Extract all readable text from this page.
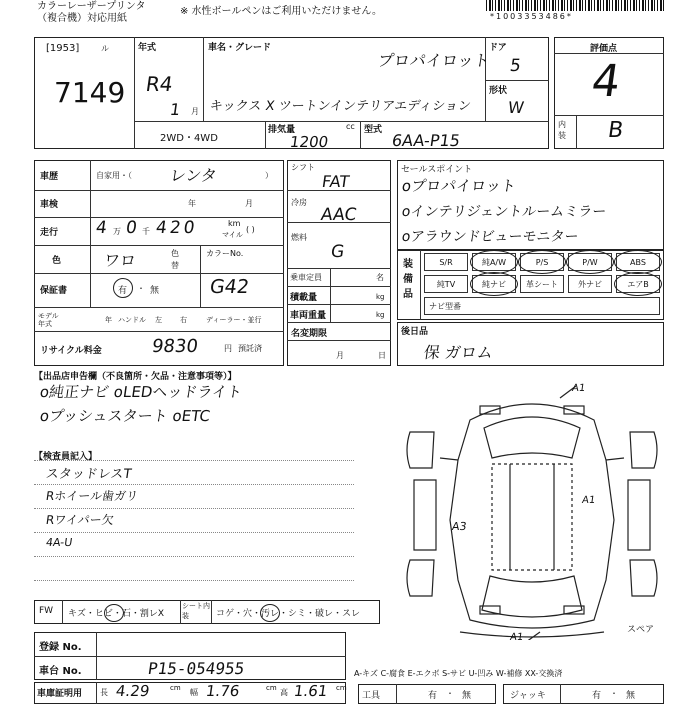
カラーレーザープリンタ
（複合機）対応用紙
※ 水性ボールペンはご利用いただけません。	*1003353486*
[1953]	ル
7149
年式
R4
1 月
車名・グレード
プロパイロット
キックス X ツートンインテリアエディション
ドア
5
形状
W
2WD・4WD
排気量	cc
1200
型式
6AA-P15
評価点
4
内装 B
車歴	自家用・（ レンタ	）
車検	年	月
走行 4 万 0 千 420	km
マイル
( )
色	ワロ	色
替
カラーNo.
G42
保証書	有 ・ 無
モデル年式	年 ハンドル 左	右	ディーラー・並行
リサイクル料金	9830	円 預託済
シフト
FAT
冷房
AAC
燃料
G
乗車定員	名
積載量	kg
車両重量	kg
名変期限
月	日
セールスポイント
oプロパイロット
oインテリジェントルームミラー
oアラウンドビューモニター
装備品
S/R	純A/W	P/S	P/W	ABS
純TV	純ナビ	革シート	外ナビ	エアB
ナビ型番
後日品
保 ガロム
【出品店申告欄（不良箇所・欠品・注意事項等）】
o純正ナビ oLEDヘッドライト
oプッシュスタート oETC
【検査員記入】
スタッドレスT
Rホイール歯ガリ
Rワイパー欠
4A-U
A1
A1
A3
A1
スペア
FW キズ・ヒビ・石・割レX
シート内装	コゲ・穴・汚レ・シミ・破レ・スレ
登録 No.
車台 No.	P15-054955
車庫証明用 長 4.29	cm 幅 1.76	cm 高 1.61 cm
A-キズ C-腐食 E-エクボ S-サビ U-凹み W-補修 XX-交換済
工具	有 ・ 無	ジャッキ	有 ・ 無
